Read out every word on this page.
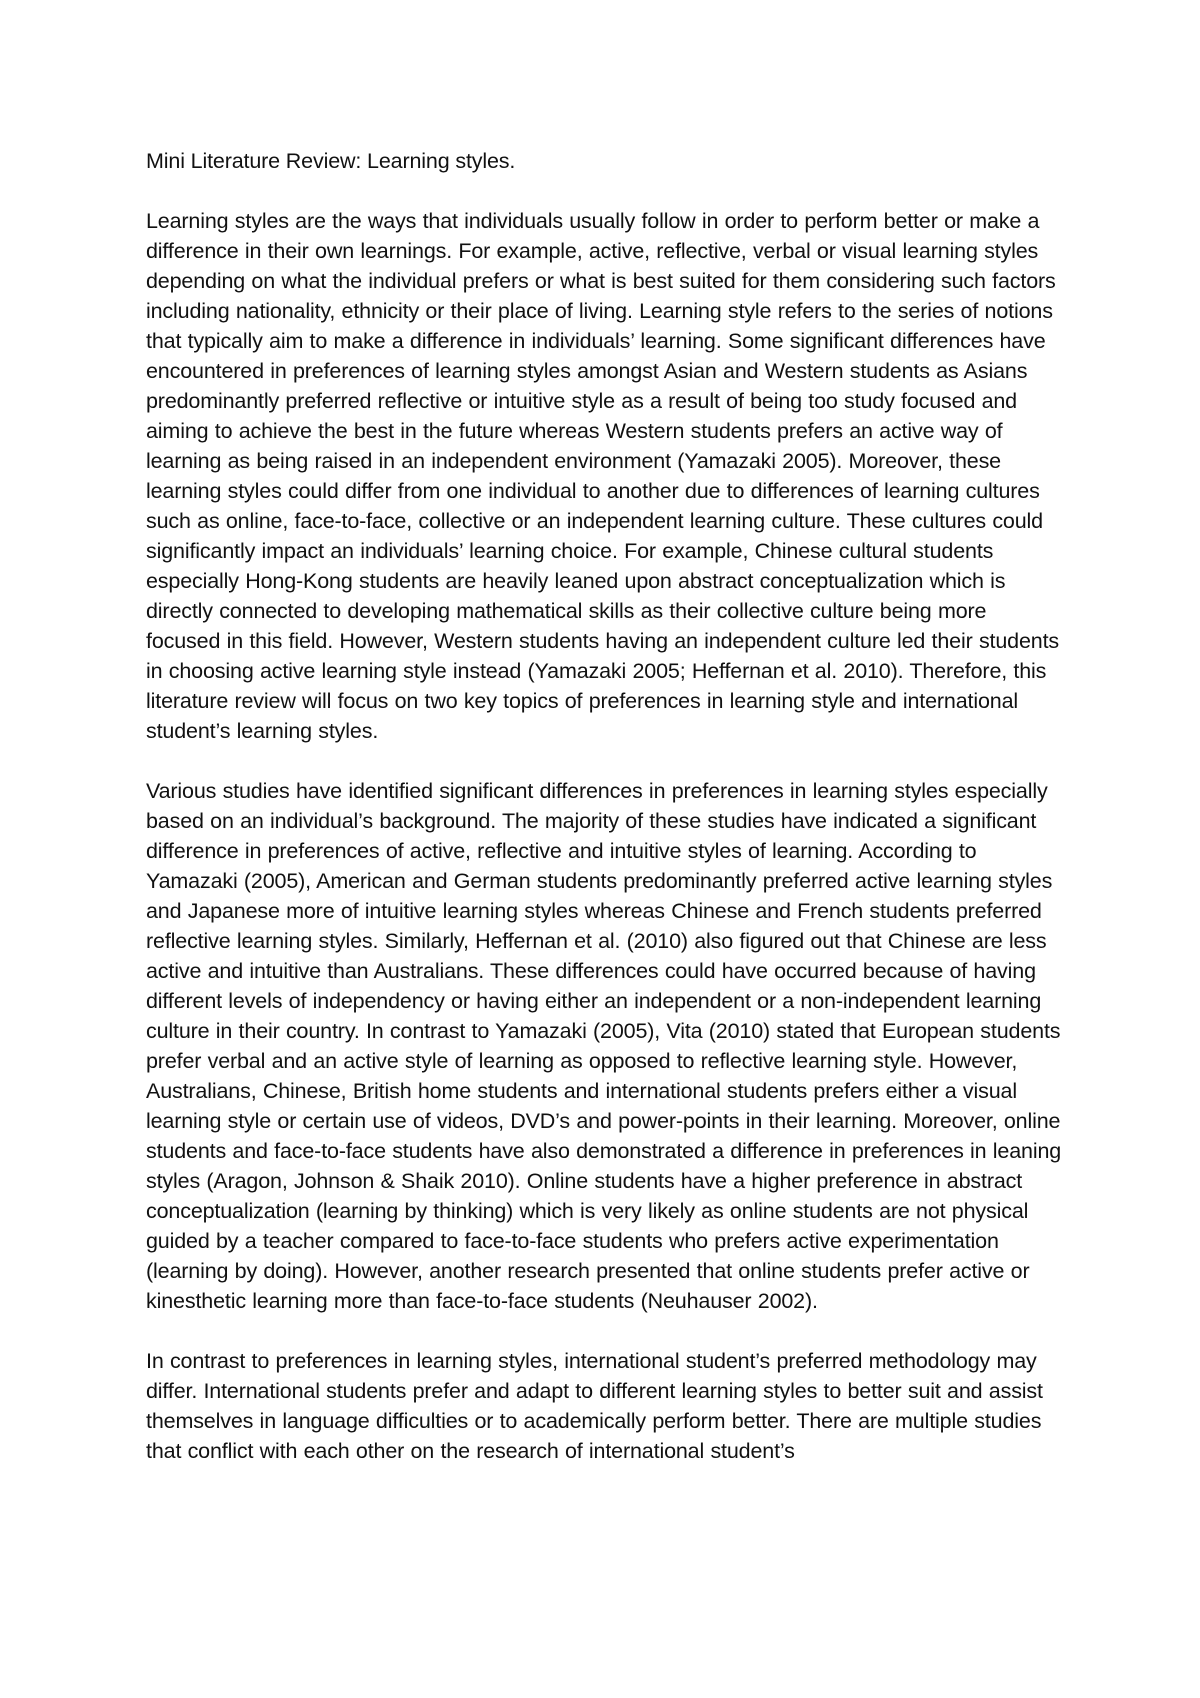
Mini Literature Review: Learning styles.

Learning styles are the ways that individuals usually follow in order to perform better or make a difference in their own learnings. For example, active, reflective, verbal or visual learning styles depending on what the individual prefers or what is best suited for them considering such factors including nationality, ethnicity or their place of living. Learning style refers to the series of notions that typically aim to make a difference in individuals’ learning. Some significant differences have encountered in preferences of learning styles amongst Asian and Western students as Asians predominantly preferred reflective or intuitive style as a result of being too study focused and aiming to achieve the best in the future whereas Western students prefers an active way of learning as being raised in an independent environment (Yamazaki 2005). Moreover, these learning styles could differ from one individual to another due to differences of learning cultures such as online, face-to-face, collective or an independent learning culture. These cultures could significantly impact an individuals’ learning choice. For example, Chinese cultural students especially Hong-Kong students are heavily leaned upon abstract conceptualization which is directly connected to developing mathematical skills as their collective culture being more focused in this field. However, Western students having an independent culture led their students in choosing active learning style instead (Yamazaki 2005; Heffernan et al. 2010). Therefore, this literature review will focus on two key topics of preferences in learning style and international student’s learning styles.

Various studies have identified significant differences in preferences in learning styles especially based on an individual’s background. The majority of these studies have indicated a significant difference in preferences of active, reflective and intuitive styles of learning. According to Yamazaki (2005), American and German students predominantly preferred active learning styles and Japanese more of intuitive learning styles whereas Chinese and French students preferred reflective learning styles. Similarly, Heffernan et al. (2010) also figured out that Chinese are less active and intuitive than Australians. These differences could have occurred because of having different levels of independency or having either an independent or a non-independent learning culture in their country. In contrast to Yamazaki (2005), Vita (2010) stated that European students prefer verbal and an active style of learning as opposed to reflective learning style. However, Australians, Chinese, British home students and international students prefers either a visual learning style or certain use of videos, DVD’s and power-points in their learning. Moreover, online students and face-to-face students have also demonstrated a difference in preferences in leaning styles (Aragon, Johnson & Shaik 2010). Online students have a higher preference in abstract conceptualization (learning by thinking) which is very likely as online students are not physical guided by a teacher compared to face-to-face students who prefers active experimentation (learning by doing). However, another research presented that online students prefer active or kinesthetic learning more than face-to-face students (Neuhauser 2002).

In contrast to preferences in learning styles, international student’s preferred methodology may differ. International students prefer and adapt to different learning styles to better suit and assist themselves in language difficulties or to academically perform better. There are multiple studies that conflict with each other on the research of international student’s
